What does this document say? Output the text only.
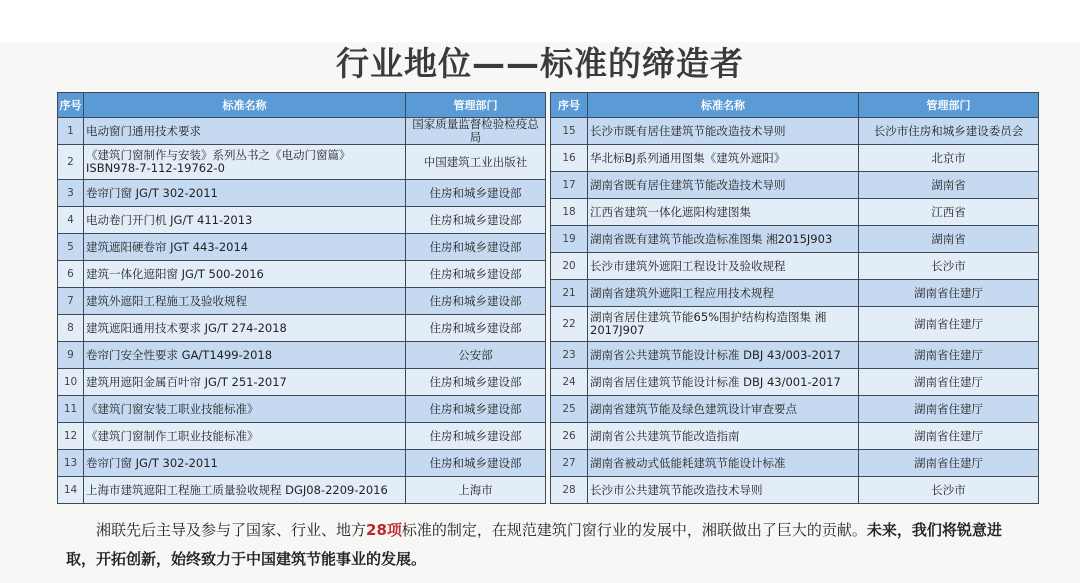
行业地位——标准的缔造者
序号	标准名称	管理部门
1	电动窗门通用技术要求	国家质量监督检验检疫总局
2	《建筑门窗制作与安装》系列丛书之《电动门窗篇》ISBN978-7-112-19762-0	中国建筑工业出版社
3	卷帘门窗 JG/T 302-2011	住房和城乡建设部
4	电动卷门开门机 JG/T 411-2013	住房和城乡建设部
5	建筑遮阳硬卷帘 JGT 443-2014	住房和城乡建设部
6	建筑一体化遮阳窗 JG/T 500-2016	住房和城乡建设部
7	建筑外遮阳工程施工及验收规程	住房和城乡建设部
8	建筑遮阳通用技术要求 JG/T 274-2018	住房和城乡建设部
9	卷帘门安全性要求 GA/T1499-2018	公安部
10	建筑用遮阳金属百叶帘 JG/T 251-2017	住房和城乡建设部
11	《建筑门窗安装工职业技能标准》	住房和城乡建设部
12	《建筑门窗制作工职业技能标准》	住房和城乡建设部
13	卷帘门窗 JG/T 302-2011	住房和城乡建设部
14	上海市建筑遮阳工程施工质量验收规程 DGJ08-2209-2016	上海市
序号	标准名称	管理部门
15	长沙市既有居住建筑节能改造技术导则	长沙市住房和城乡建设委员会
16	华北标BJ系列通用图集《建筑外遮阳》	北京市
17	湖南省既有居住建筑节能改造技术导则	湖南省
18	江西省建筑一体化遮阳构建图集	江西省
19	湖南省既有建筑节能改造标准图集 湘2015J903	湖南省
20	长沙市建筑外遮阳工程设计及验收规程	长沙市
21	湖南省建筑外遮阳工程应用技术规程	湖南省住建厅
22	湖南省居住建筑节能65%围护结构构造图集 湘2017J907	湖南省住建厅
23	湖南省公共建筑节能设计标准 DBJ 43/003-2017	湖南省住建厅
24	湖南省居住建筑节能设计标准 DBJ 43/001-2017	湖南省住建厅
25	湖南省建筑节能及绿色建筑设计审查要点	湖南省住建厅
26	湖南省公共建筑节能改造指南	湖南省住建厅
27	湖南省被动式低能耗建筑节能设计标准	湖南省住建厅
28	长沙市公共建筑节能改造技术导则	长沙市
湘联先后主导及参与了国家、行业、地方28项标准的制定，在规范建筑门窗行业的发展中，湘联做出了巨大的贡献。未来，我们将锐意进取，开拓创新，始终致力于中国建筑节能事业的发展。
